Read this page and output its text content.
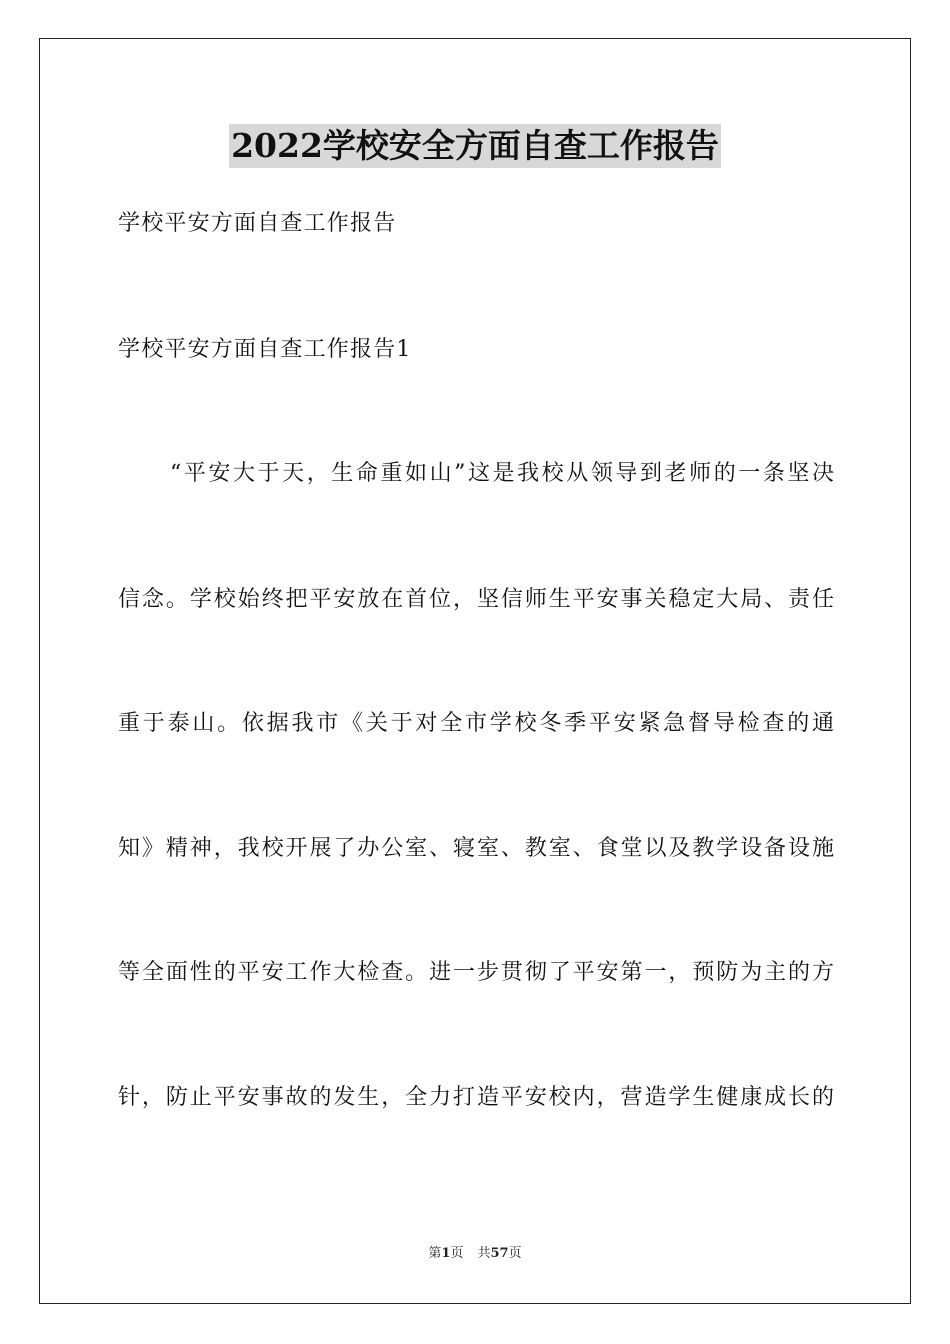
2022学校安全方面自查工作报告
学校平安方面自查工作报告
学校平安方面自查工作报告1
“平安大于天，生命重如山”这是我校从领导到老师的一条坚决
信念。学校始终把平安放在首位，坚信师生平安事关稳定大局、责任
重于泰山。依据我市《关于对全市学校冬季平安紧急督导检查的通
知》精神，我校开展了办公室、寝室、教室、食堂以及教学设备设施
等全面性的平安工作大检查。进一步贯彻了平安第一，预防为主的方
针，防止平安事故的发生，全力打造平安校内，营造学生健康成长的
第1页 共57页
